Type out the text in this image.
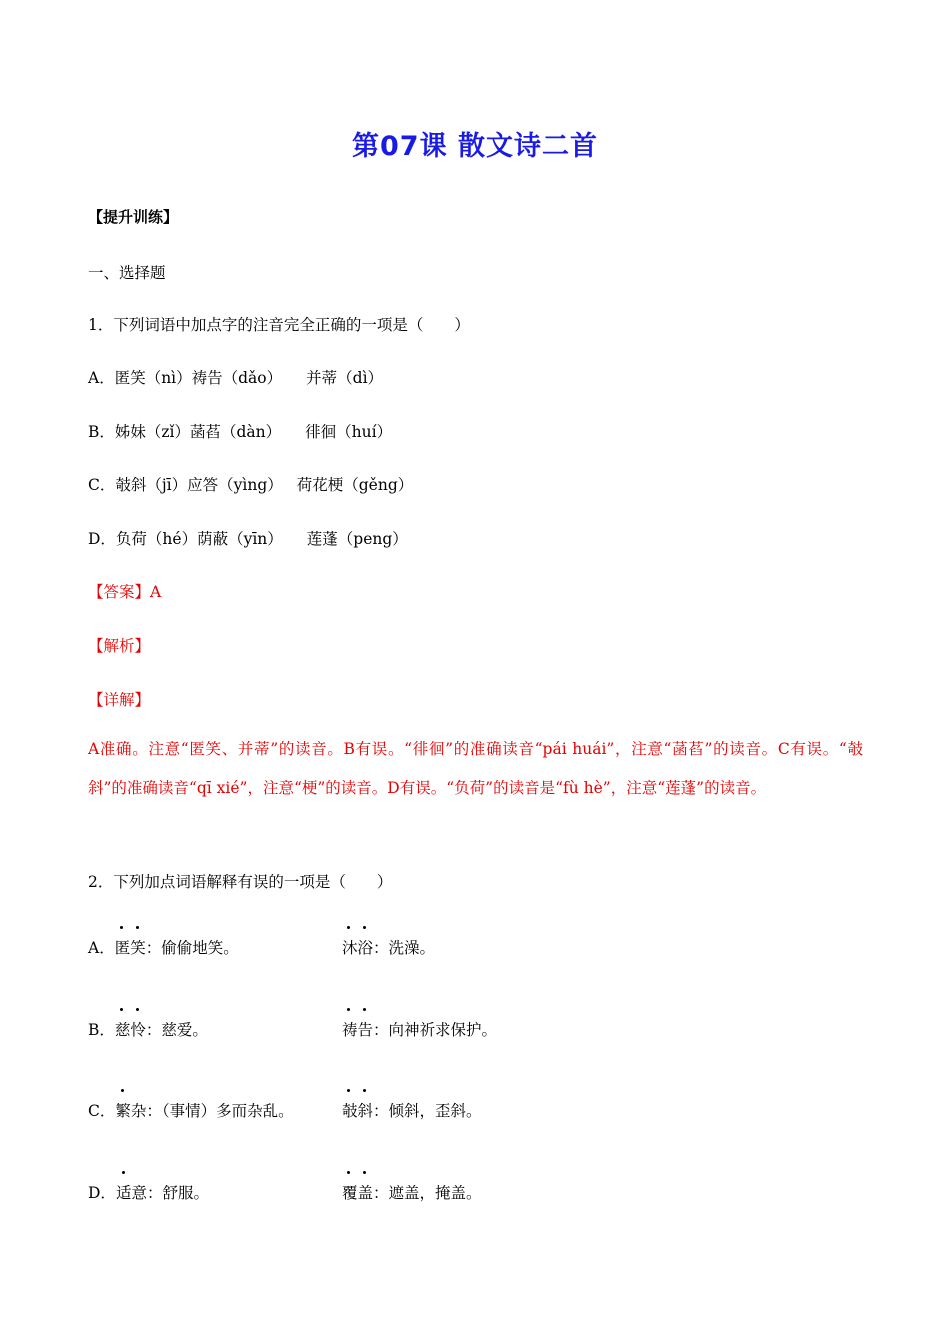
第07课 散文诗二首
【提升训练】
一、选择题
1．下列词语中加点字的注音完全正确的一项是（　　）
A．匿笑（nì）祷告（dǎo） 并蒂（dì）
B．姊妹（zǐ）菡萏（dàn） 徘徊（huí）
C．攲斜（jī）应答（yìng） 荷花梗（gěng）
D．负荷（hé）荫蔽（yīn） 莲蓬（peng）
【答案】A
【解析】
【详解】
A准确。注意“匿笑、并蒂”的读音。B有误。“徘徊”的准确读音“pái huái”，注意“菡萏”的读音。C有误。“攲斜”的准确读音“qī xié”，注意“梗”的读音。D有误。“负荷”的读音是“fù hè”，注意“莲蓬”的读音。
2．下列加点词语解释有误的一项是（　　）
A．
匿笑：偷偷地笑。	沐浴：洗澡。
B．
慈怜：慈爱。	祷告：向神祈求保护。
C．
繁杂：（事情）多而杂乱。	攲斜：倾斜，歪斜。
D．
适意：舒服。	覆盖：遮盖，掩盖。
